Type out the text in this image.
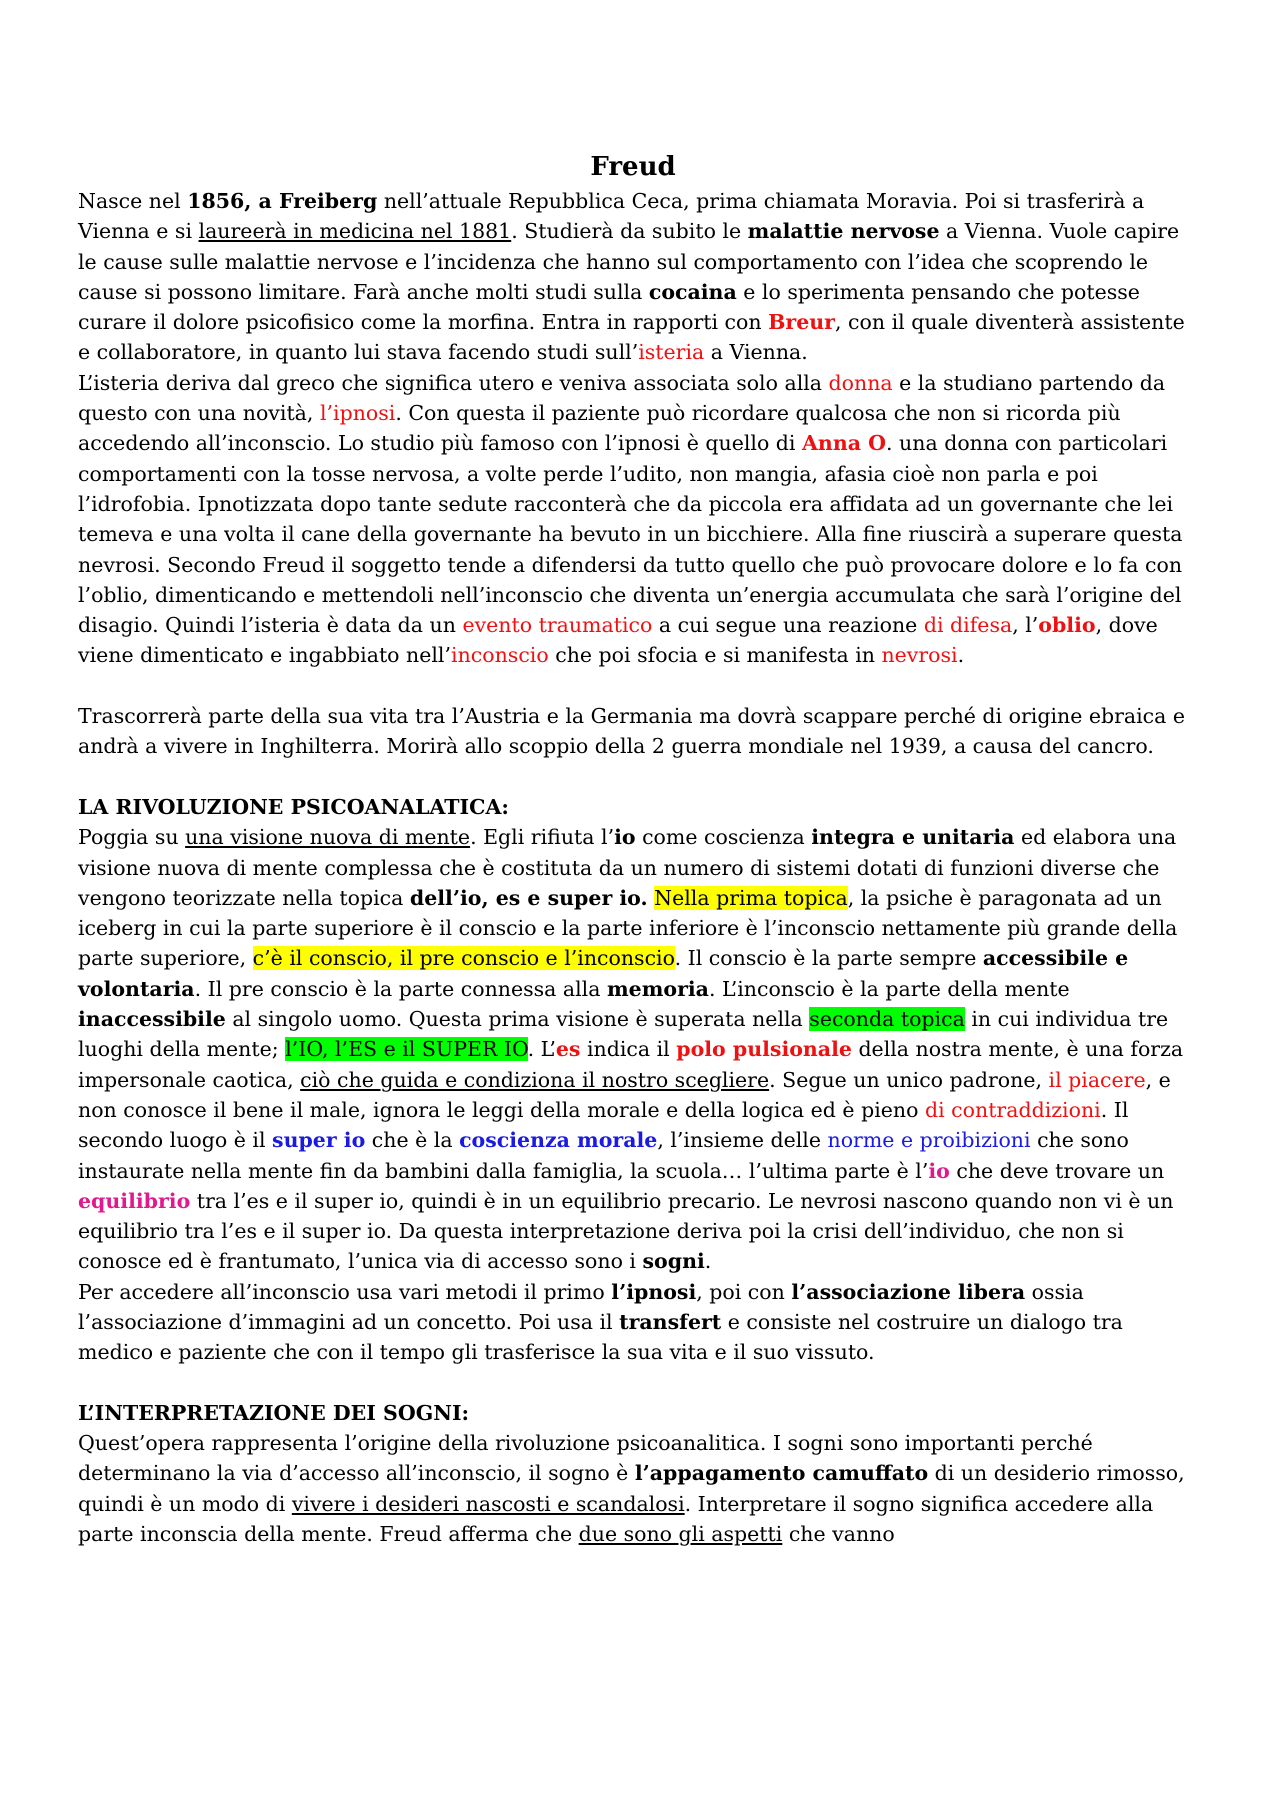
Freud

Nasce nel 1856, a Freiberg nell’attuale Repubblica Ceca, prima chiamata Moravia. Poi si trasferirà a Vienna e si laureerà in medicina nel 1881. Studierà da subito le malattie nervose a Vienna. Vuole capire le cause sulle malattie nervose e l’incidenza che hanno sul comportamento con l’idea che scoprendo le cause si possono limitare. Farà anche molti studi sulla cocaina e lo sperimenta pensando che potesse curare il dolore psicofisico come la morfina. Entra in rapporti con Breur, con il quale diventerà assistente e collaboratore, in quanto lui stava facendo studi sull’isteria a Vienna.

L’isteria deriva dal greco che significa utero e veniva associata solo alla donna e la studiano partendo da questo con una novità, l’ipnosi. Con questa il paziente può ricordare qualcosa che non si ricorda più accedendo all’inconscio. Lo studio più famoso con l’ipnosi è quello di Anna O. una donna con particolari comportamenti con la tosse nervosa, a volte perde l’udito, non mangia, afasia cioè non parla e poi l’idrofobia. Ipnotizzata dopo tante sedute racconterà che da piccola era affidata ad un governante che lei temeva e una volta il cane della governante ha bevuto in un bicchiere. Alla fine riuscirà a superare questa nevrosi. Secondo Freud il soggetto tende a difendersi da tutto quello che può provocare dolore e lo fa con l’oblio, dimenticando e mettendoli nell’inconscio che diventa un’energia accumulata che sarà l’origine del disagio. Quindi l’isteria è data da un evento traumatico a cui segue una reazione di difesa, l’oblio, dove viene dimenticato e ingabbiato nell’inconscio che poi sfocia e si manifesta in nevrosi.

Trascorrerà parte della sua vita tra l’Austria e la Germania ma dovrà scappare perché di origine ebraica e andrà a vivere in Inghilterra. Morirà allo scoppio della 2 guerra mondiale nel 1939, a causa del cancro.

LA RIVOLUZIONE PSICOANALATICA:

Poggia su una visione nuova di mente. Egli rifiuta l’io come coscienza integra e unitaria ed elabora una visione nuova di mente complessa che è costituta da un numero di sistemi dotati di funzioni diverse che vengono teorizzate nella topica dell’io, es e super io. Nella prima topica, la psiche è paragonata ad un iceberg in cui la parte superiore è il conscio e la parte inferiore è l’inconscio nettamente più grande della parte superiore, c’è il conscio, il pre conscio e l’inconscio. Il conscio è la parte sempre accessibile e volontaria. Il pre conscio è la parte connessa alla memoria. L’inconscio è la parte della mente inaccessibile al singolo uomo. Questa prima visione è superata nella seconda topica in cui individua tre luoghi della mente; l’IO, l’ES e il SUPER IO. L’es indica il polo pulsionale della nostra mente, è una forza impersonale caotica, ciò che guida e condiziona il nostro scegliere. Segue un unico padrone, il piacere, e non conosce il bene il male, ignora le leggi della morale e della logica ed è pieno di contraddizioni. Il secondo luogo è il super io che è la coscienza morale, l’insieme delle norme e proibizioni che sono instaurate nella mente fin da bambini dalla famiglia, la scuola… l’ultima parte è l’io che deve trovare un equilibrio tra l’es e il super io, quindi è in un equilibrio precario. Le nevrosi nascono quando non vi è un equilibrio tra l’es e il super io. Da questa interpretazione deriva poi la crisi dell’individuo, che non si conosce ed è frantumato, l’unica via di accesso sono i sogni.

Per accedere all’inconscio usa vari metodi il primo l’ipnosi, poi con l’associazione libera ossia l’associazione d’immagini ad un concetto. Poi usa il transfert e consiste nel costruire un dialogo tra medico e paziente che con il tempo gli trasferisce la sua vita e il suo vissuto.

L’INTERPRETAZIONE DEI SOGNI:

Quest’opera rappresenta l’origine della rivoluzione psicoanalitica. I sogni sono importanti perché determinano la via d’accesso all’inconscio, il sogno è l’appagamento camuffato di un desiderio rimosso, quindi è un modo di vivere i desideri nascosti e scandalosi. Interpretare il sogno significa accedere alla parte inconscia della mente. Freud afferma che due sono gli aspetti che vanno
